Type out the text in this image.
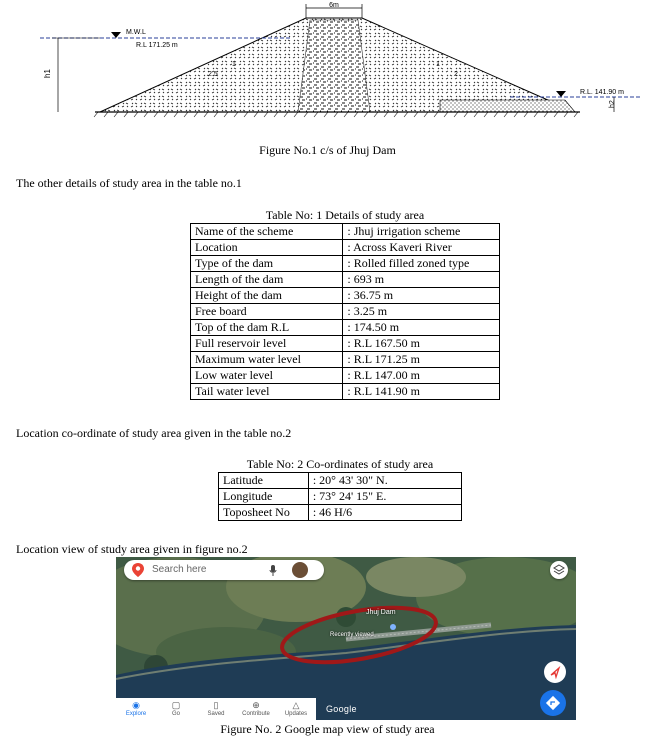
6m
M.W.L
R.L 171.25 m
h1	2.5
1
2
1
R.L. 141.90 m
h2
Figure No.1 c/s of Jhuj Dam
The other details of study area in the table no.1
Table No: 1 Details of study area
Name of the scheme	: Jhuj irrigation scheme
Location	: Across Kaveri River
Type of the dam	: Rolled filled zoned type
Length of the dam	: 693 m
Height of the dam	: 36.75 m
Free board	: 3.25 m
Top of the dam R.L	: 174.50 m
Full reservoir level	: R.L 167.50 m
Maximum water level	: R.L 171.25 m
Low water level	: R.L 147.00 m
Tail water level	: R.L 141.90 m
Location co-ordinate of study area given in the table no.2
Table No: 2 Co-ordinates of study area
Latitude	: 20° 43' 30" N.
Longitude	: 73° 24' 15" E.
Toposheet No	: 46 H/6
Location view of study area given in figure no.2
Search here
Jhuj Dam
Recently viewed
◉
Explore
▢
Go
▯
Saved
⊕
Contribute
△
Updates	Google
Figure No. 2 Google map view of study area
